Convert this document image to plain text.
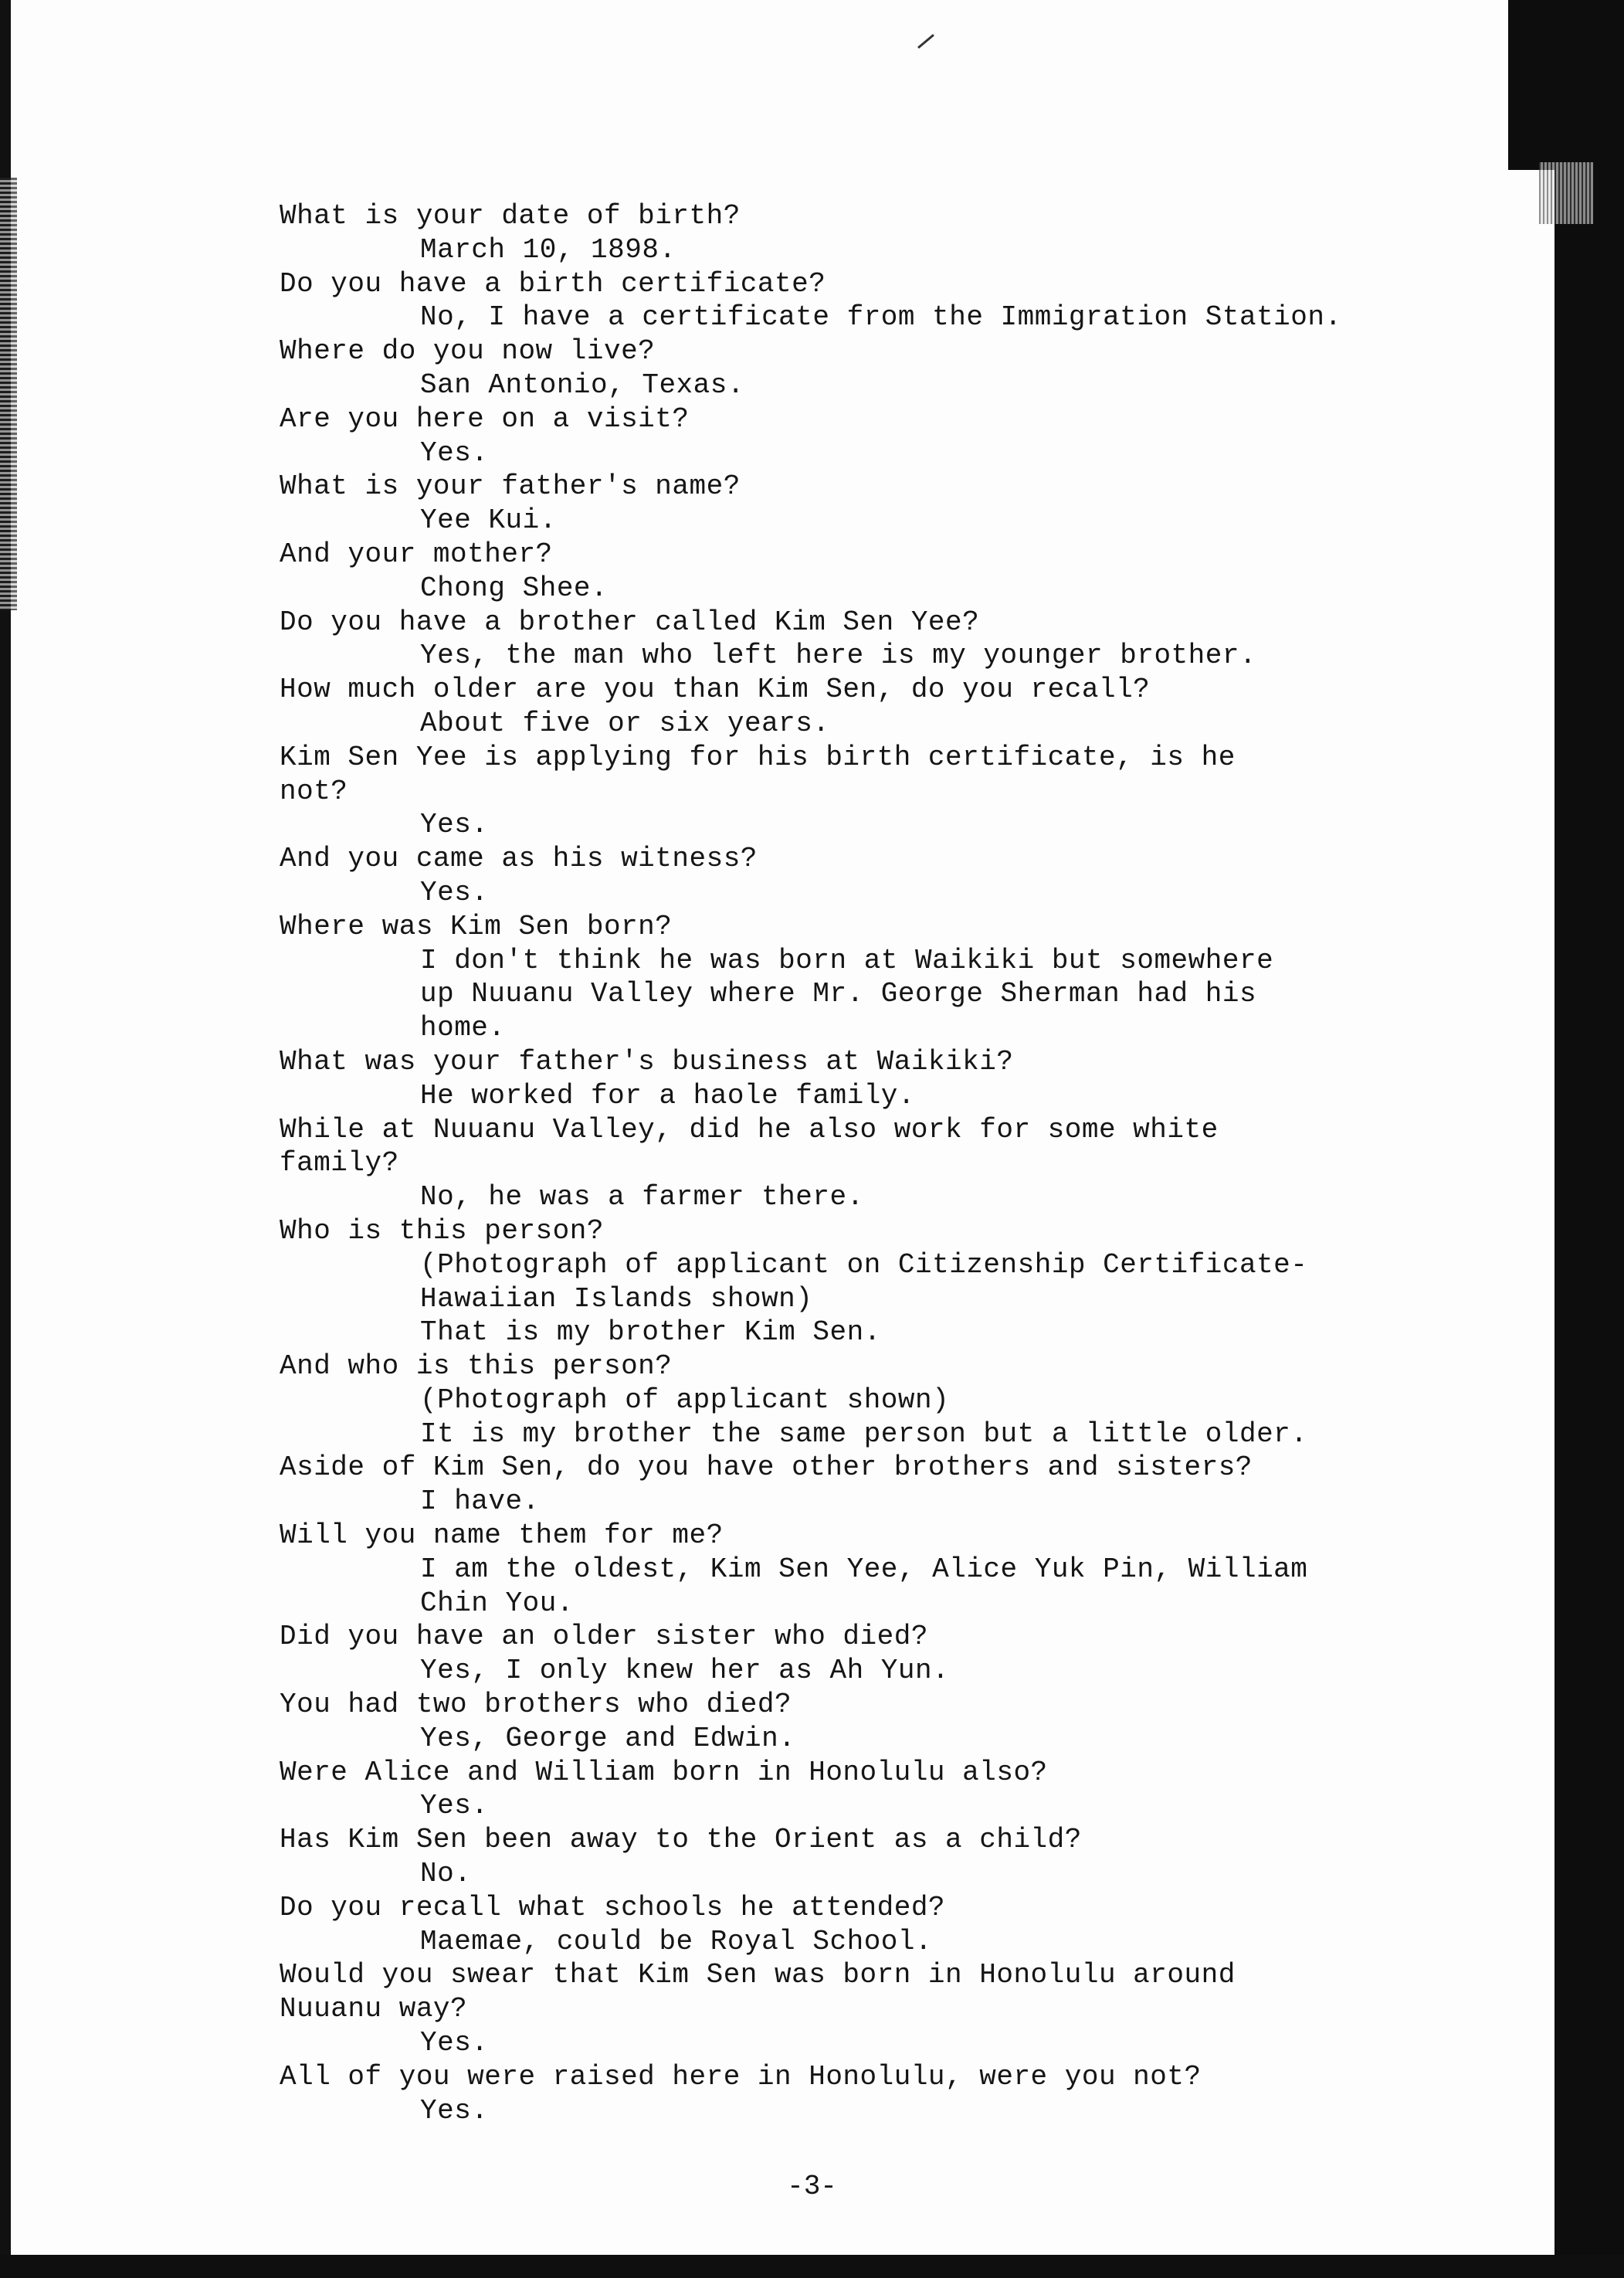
What is your date of birth?
March 10, 1898.
Do you have a birth certificate?
No, I have a certificate from the Immigration Station.
Where do you now live?
San Antonio, Texas.
Are you here on a visit?
Yes.
What is your father's name?
Yee Kui.
And your mother?
Chong Shee.
Do you have a brother called Kim Sen Yee?
Yes, the man who left here is my younger brother.
How much older are you than Kim Sen, do you recall?
About five or six years.
Kim Sen Yee is applying for his birth certificate, is he
not?
Yes.
And you came as his witness?
Yes.
Where was Kim Sen born?
I don't think he was born at Waikiki but somewhere
up Nuuanu Valley where Mr. George Sherman had his
home.
What was your father's business at Waikiki?
He worked for a haole family.
While at Nuuanu Valley, did he also work for some white
family?
No, he was a farmer there.
Who is this person?
(Photograph of applicant on Citizenship Certificate-
Hawaiian Islands shown)
That is my brother Kim Sen.
And who is this person?
(Photograph of applicant shown)
It is my brother the same person but a little older.
Aside of Kim Sen, do you have other brothers and sisters?
I have.
Will you name them for me?
I am the oldest, Kim Sen Yee, Alice Yuk Pin, William
Chin You.
Did you have an older sister who died?
Yes, I only knew her as Ah Yun.
You had two brothers who died?
Yes, George and Edwin.
Were Alice and William born in Honolulu also?
Yes.
Has Kim Sen been away to the Orient as a child?
No.
Do you recall what schools he attended?
Maemae, could be Royal School.
Would you swear that Kim Sen was born in Honolulu around
Nuuanu way?
Yes.
All of you were raised here in Honolulu, were you not?
Yes.
-3-
